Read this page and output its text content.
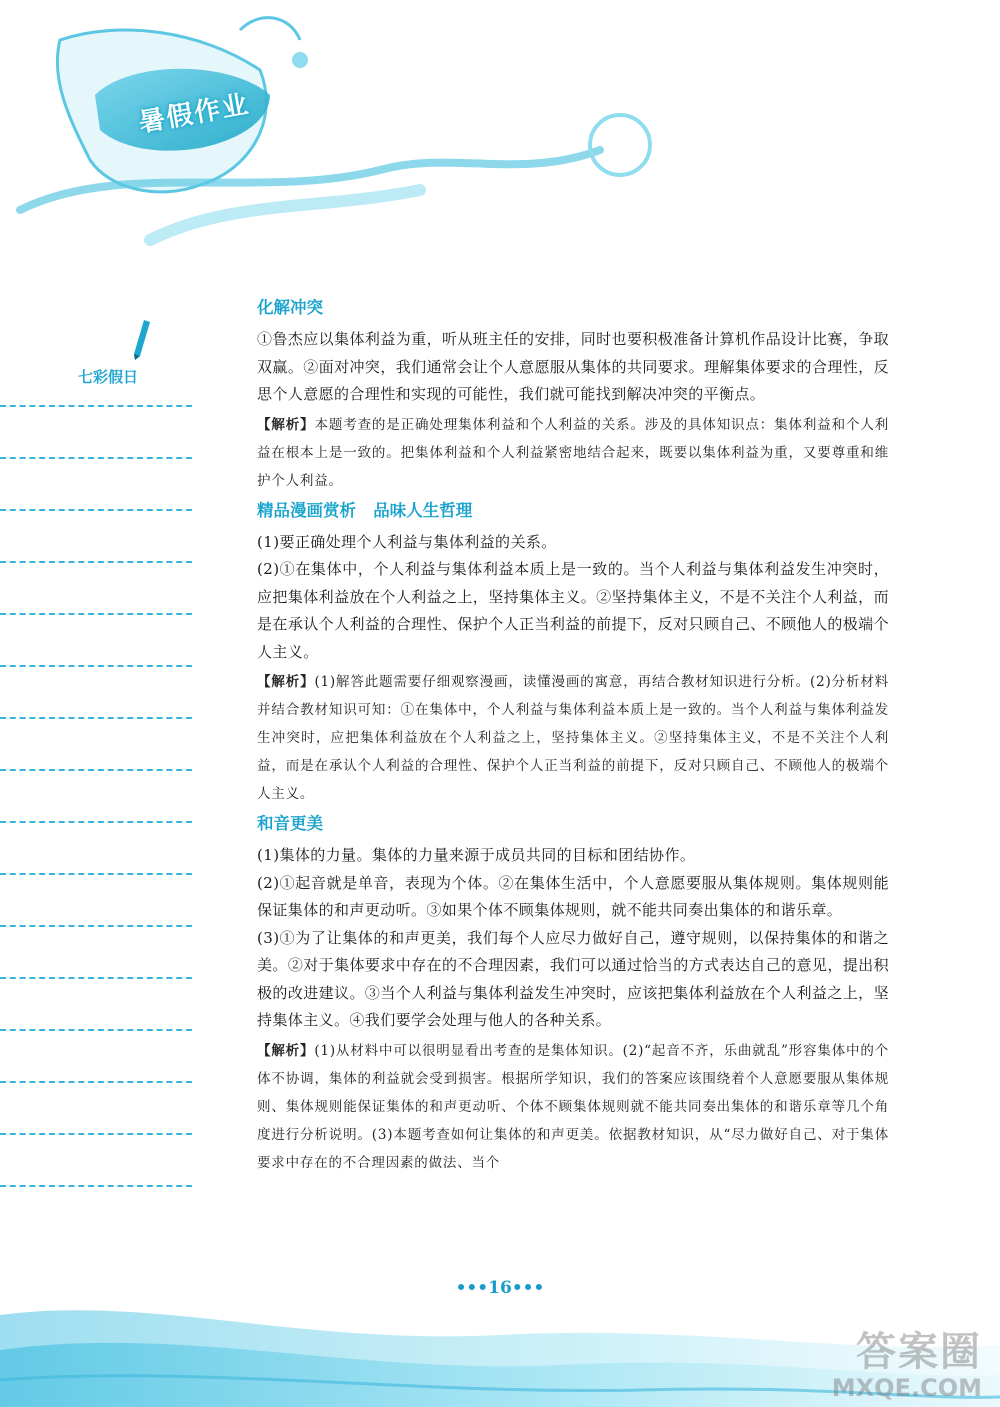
暑假作业
七彩假日
化解冲突

①鲁杰应以集体利益为重，听从班主任的安排，同时也要积极准备计算机作品设计比赛，争取双赢。②面对冲突，我们通常会让个人意愿服从集体的共同要求。理解集体要求的合理性，反思个人意愿的合理性和实现的可能性，我们就可能找到解决冲突的平衡点。

【解析】本题考查的是正确处理集体利益和个人利益的关系。涉及的具体知识点：集体利益和个人利益在根本上是一致的。把集体利益和个人利益紧密地结合起来，既要以集体利益为重，又要尊重和维护个人利益。

精品漫画赏析   品味人生哲理

(1)要正确处理个人利益与集体利益的关系。

(2)①在集体中，个人利益与集体利益本质上是一致的。当个人利益与集体利益发生冲突时，应把集体利益放在个人利益之上，坚持集体主义。②坚持集体主义，不是不关注个人利益，而是在承认个人利益的合理性、保护个人正当利益的前提下，反对只顾自己、不顾他人的极端个人主义。

【解析】(1)解答此题需要仔细观察漫画，读懂漫画的寓意，再结合教材知识进行分析。(2)分析材料并结合教材知识可知：①在集体中，个人利益与集体利益本质上是一致的。当个人利益与集体利益发生冲突时，应把集体利益放在个人利益之上，坚持集体主义。②坚持集体主义，不是不关注个人利益，而是在承认个人利益的合理性、保护个人正当利益的前提下，反对只顾自己、不顾他人的极端个人主义。

和音更美

(1)集体的力量。集体的力量来源于成员共同的目标和团结协作。

(2)①起音就是单音，表现为个体。②在集体生活中，个人意愿要服从集体规则。集体规则能保证集体的和声更动听。③如果个体不顾集体规则，就不能共同奏出集体的和谐乐章。

(3)①为了让集体的和声更美，我们每个人应尽力做好自己，遵守规则，以保持集体的和谐之美。②对于集体要求中存在的不合理因素，我们可以通过恰当的方式表达自己的意见，提出积极的改进建议。③当个人利益与集体利益发生冲突时，应该把集体利益放在个人利益之上，坚持集体主义。④我们要学会处理与他人的各种关系。

【解析】(1)从材料中可以很明显看出考查的是集体知识。(2)“起音不齐，乐曲就乱”形容集体中的个体不协调，集体的利益就会受到损害。根据所学知识，我们的答案应该围绕着个人意愿要服从集体规则、集体规则能保证集体的和声更动听、个体不顾集体规则就不能共同奏出集体的和谐乐章等几个角度进行分析说明。(3)本题考查如何让集体的和声更美。依据教材知识，从“尽力做好自己、对于集体要求中存在的不合理因素的做法、当个

•••16•••
答案圈
MXQE.COM
